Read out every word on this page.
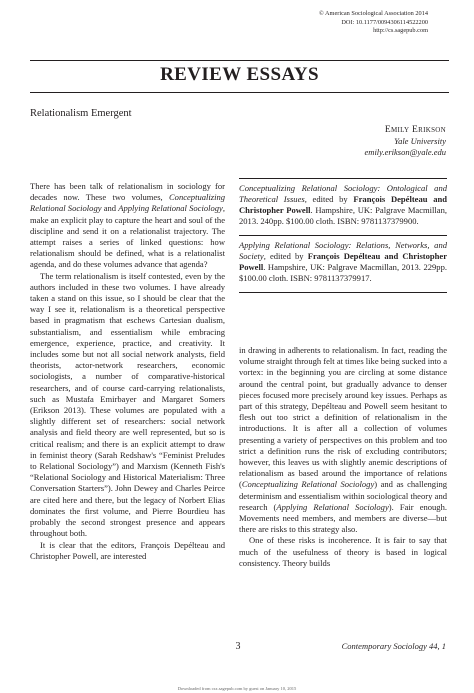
© American Sociological Association 2014
DOI: 10.1177/0094306114522200
http://cs.sagepub.com
REVIEW ESSAYS
Relationalism Emergent
Emily Erikson
Yale University
emily.erikson@yale.edu

Conceptualizing Relational Sociology: Ontological and Theoretical Issues, edited by François Depélteau and Christopher Powell. Hampshire, UK: Palgrave Macmillan, 2013. 240pp. $100.00 cloth. ISBN: 9781137379900.

Applying Relational Sociology: Relations, Networks, and Society, edited by François Depélteau and Christopher Powell. Hampshire, UK: Palgrave Macmillan, 2013. 229pp. $100.00 cloth. ISBN: 9781137379917.

There has been talk of relationalism in sociology for decades now. These two volumes, Conceptualizing Relational Sociology and Applying Relational Sociology, make an explicit play to capture the heart and soul of the discipline and send it on a relationalist trajectory. The attempt raises a series of linked questions: how relationalism should be defined, what is a relationalist agenda, and do these volumes advance that agenda?

The term relationalism is itself contested, even by the authors included in these two volumes. I have already taken a stand on this issue, so I should be clear that the way I see it, relationalism is a theoretical perspective based in pragmatism that eschews Cartesian dualism, substantialism, and essentialism while embracing emergence, experience, practice, and creativity. It includes some but not all social network analysts, field theorists, actor-network researchers, economic sociologists, a number of comparative-historical researchers, and of course card-carrying relationalists, such as Mustafa Emirbayer and Margaret Somers (Erikson 2013). These volumes are populated with a slightly different set of researchers: social network analysis and field theory are well represented, but so is critical realism; and there is an explicit attempt to draw in feminist theory (Sarah Redshaw's “Feminist Preludes to Relational Sociology”) and Marxism (Kenneth Fish's “Relational Sociology and Historical Materialism: Three Conversation Starters”). John Dewey and Charles Peirce are cited here and there, but the legacy of Norbert Elias dominates the first volume, and Pierre Bourdieu has probably the second strongest presence and appears throughout both.

It is clear that the editors, François Depélteau and Christopher Powell, are interested

in drawing in adherents to relationalism. In fact, reading the volume straight through felt at times like being sucked into a vortex: in the beginning you are circling at some distance around the central point, but gradually advance to denser pieces focused more precisely around key issues. Perhaps as part of this strategy, Depélteau and Powell seem hesitant to flesh out too strict a definition of relationalism in the introductions. It is after all a collection of volumes presenting a variety of perspectives on this problem and too strict a definition runs the risk of excluding contributors; however, this leaves us with slightly anemic descriptions of relationalism as based around the importance of relations (Conceptualizing Relational Sociology) and as challenging determinism and essentialism within sociological theory and research (Applying Relational Sociology). Fair enough. Movements need members, and members are diverse—but there are risks to this strategy also.

One of these risks is incoherence. It is fair to say that much of the usefulness of theory is based in logical consistency. Theory builds

3	Contemporary Sociology 44, 1
Downloaded from csx.sagepub.com by guest on January 10, 2015
